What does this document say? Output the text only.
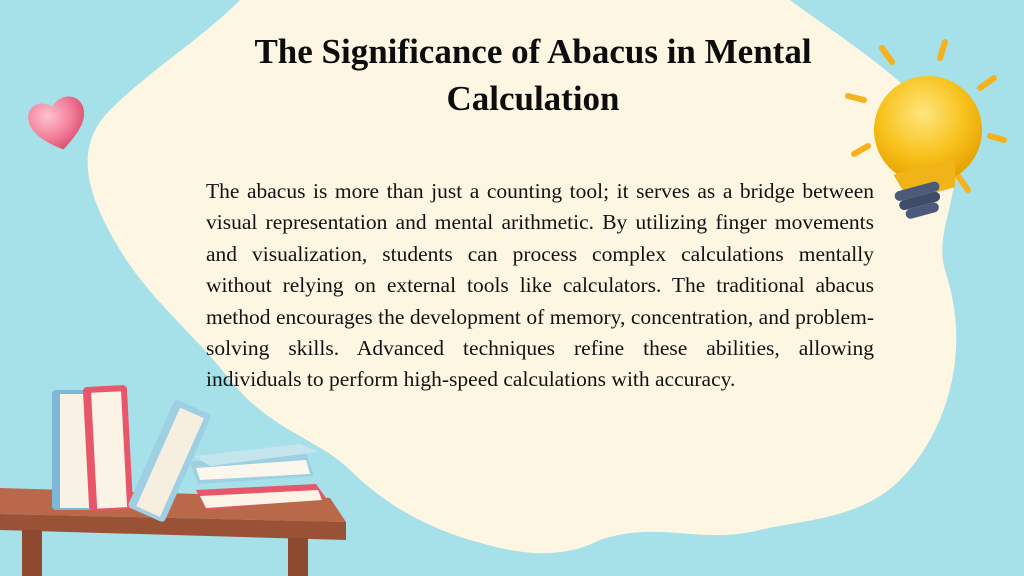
The Significance of Abacus in Mental Calculation

The abacus is more than just a counting tool; it serves as a bridge between visual representation and mental arithmetic. By utilizing finger movements and visualization, students can process complex calculations mentally without relying on external tools like calculators. The traditional abacus method encourages the development of memory, concentration, and problem-solving skills. Advanced techniques refine these abilities, allowing individuals to perform high-speed calculations with accuracy.
